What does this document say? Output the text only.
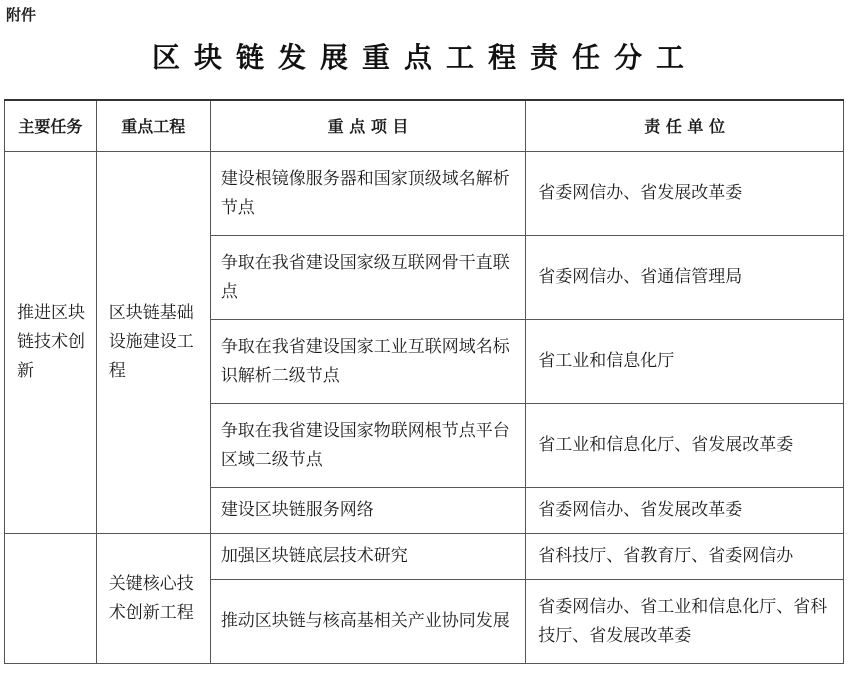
附件
区块链发展重点工程责任分工
主要任务	重点工程	重 点 项 目	责 任 单 位
推进区块链技术创新	区块链基础设施建设工程	建设根镜像服务器和国家顶级域名解析节点	省委网信办、省发展改革委
		争取在我省建设国家级互联网骨干直联点	省委网信办、省通信管理局
		争取在我省建设国家工业互联网域名标识解析二级节点	省工业和信息化厅
		争取在我省建设国家物联网根节点平台区域二级节点	省工业和信息化厅、省发展改革委
		建设区块链服务网络	省委网信办、省发展改革委
	关键核心技术创新工程	加强区块链底层技术研究	省科技厅、省教育厅、省委网信办
		推动区块链与核高基相关产业协同发展	省委网信办、省工业和信息化厅、省科技厅、省发展改革委
